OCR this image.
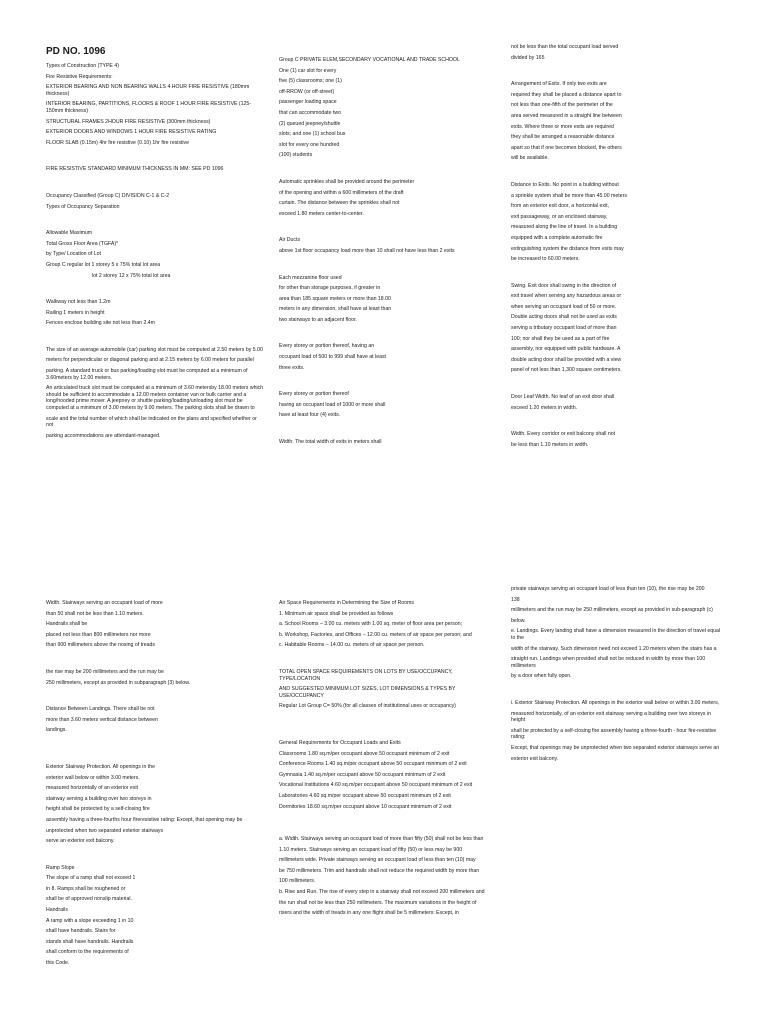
PD NO. 1096

Types of Construction (TYPE 4)

Fire Resistive Requirements:

EXTERIOR BEARING AND NON BEARING WALLS 4 HOUR FIRE RESISTIVE (180mm thickness)

INTERIOR BEARING, PARTITIONS, FLOORS & ROOF 1 HOUR FIRE RESISTIVE (125-150mm thickness)

STRUCTURAL FRAMES 2HOUR FIRE RESISTIVE (300mm thickness)

EXTERIOR DOORS AND WINDOWS 1 HOUR FIRE RESISTIVE RATING

FLOOR SLAB (0.15m) 4hr fire resistive (0.10) 1hr fire resistive

FIRE RESISTIVE STANDARD MINIMUM THICKNESS IN MM: SEE PD 1096

Occupancy Classified (Group C) DIVISION C-1 & C-2

Types of Occupancy Separation

Allowable Maximum

Total Gross Floor Area (TGFA)*

by Type/ Location of Lot

Group C regular lot 1 storey 5 x 75% total lot area

lot 2 storey 12 x 75% total lot area

Walkway not less than 1.2m

Railing 1 meters in height

Fences enclose building site not less than 2.4m

The size of an average automobile (car) parking slot must be computed at 2.50 meters by 5.00

meters for perpendicular or diagonal parking and at 2.15 meters by 6.00 meters for parallel

parking. A standard truck or bus parking/loading slot must be computed at a minimum of 3.60meters by 12.00 meters.

An articulated truck slot must be computed at a minimum of 3.60 metersby 18.00 meters which should be sufficient to accommodate a 12.00 meters container van or bulk carrier and a long/hooded prime mover. A jeepney or shuttle parking/loading/unloading slot must be computed at a minimum of 3.00 meters by 9.00 meters. The parking slots shall be drawn to

scale and the total number of which shall be indicated on the plans and specified whether or not

parking accommodations are attendant-managed.

Group C PRIVATE ELEM,SECONDARY VOCATIONAL AND TRADE SCHOOL

One (1) car slot for every

five (5) classrooms; one (1)

off-RROW (or off-street)

passenger loading space

that can accommodate two

(2) queued jeepney/shuttle

slots; and one (1) school bus

slot for every one hundred

(100) students

Automatic sprinkles shall be provided around the perimeter

of the opening and within a 600 millimeters of the draft

curtain. The distance between the sprinkles shall not

exceed 1.80 meters center-to-center.

Air Ducts

above 1st floor occupancy load more than 10 shall not have less than 2 exits

Each mezzanine floor used

for other than storage purposes, if greater in

area than 185 square meters or more than 18.00

meters in any dimension, shall have at least than

two stairways to an adjacent floor.

Every storey or portion thereof, having an

occupant load of 500 to 999 shall have at least

three exits.

Every storey or portion thereof

having an occupant load of 1000 or more shall

have at least four (4) exits.

Width. The total width of exits in meters shall

not be less than the total occupant load served

divided by 165

Arrangement of Exits. If only two exits are

required they shall be placed a distance apart to

not less than one-fifth of the perimeter of the

area served measured in a straight line between

exits. Where three or more exits are required

they shall be arranged a reasonable distance

apart so that if one becomes blocked, the others

will be available.

Distance to Exits. No point in a building without

a sprinkle system shall be more than 45.00 meters

from an exterior exit door, a horizontal exit,

exit passageway, or an enclosed stairway,

measured along the line of travel. In a building

equipped with a complete automatic fire

extinguishing system the distance from exits may

be increased to 60.00 meters.

Swing. Exit door shall swing in the direction of

exit travel when serving any hazardous areas or

when serving an occupant load of 50 or more.

Double acting doors shall not be used as exits

serving a tributary occupant load of more than

100; nor shall they be used as a part of fire

assembly, nor equipped with public hardware. A

double acting door shall be provided with a view

panel of not less than 1,300 square centimeters.

Door Leaf Width. No leaf of an exit door shall

exceed 1.20 meters in width.

Width. Every corridor or exit balcony shall not

be less than 1.10 meters in width.

Width. Stairways serving an occupant load of more

than 50 shall not be less than 1.10 meters.

Handrails shall be

placed not less than 800 millimeters nor more

than 900 millimeters above the nosing of treads

the rise may be 200 millimeters and the run may be

250 millimeters, except as provided in subparagraph (3) below.

Distance Between Landings. There shall be not

more than 3.60 meters vertical distance between

landings.

Exterior Stairway Protection. All openings in the

exterior wall below or within 3.00 meters,

measured horizontally of an exterior exit

stairway serving a building over two storeys in

height shall be protected by a self-closing fire

assembly having a three-fourths hour fireresistive rating: Except, that opening may be

unprotected when two separated exterior stairways

serve an exterior exit balcony.

Ramp Slope

The slope of a ramp shall not exceed 1

in 8. Ramps shall be roughened or

shall be of approved nonslip material.

Handrails

A ramp with a slope exceeding 1 in 10

shall have handrails. Stairs for

stands shall have handrails. Handrails

shall conform to the requirements of

this Code.

Air Space Requirements in Determining the Size of Rooms

1. Minimum air space shall be provided as follows

a. School Rooms – 3.00 cu. meters with 1.00 sq. meter of floor area per person;

b. Workshop, Factories, and Offices – 12.00 cu. meters of air space per person; and

c. Habitable Rooms – 14.00 cu. meters of air space per person.

TOTAL OPEN SPACE REQUIREMENTS ON LOTS BY USE/OCCUPANCY, TYPE/LOCATION

AND SUGGESTED MINIMUM LOT SIZES, LOT DIMENSIONS & TYPES BY USE/OCCUPANCY

Regular Lot Group C= 50% (for all classes of institutional uses or occupancy)

General Requirements for Occupant Loads and Exits

Classrooms 1.80 sq.m/per occupant above 50 occupant minimum of 2 exit

Conference Rooms 1.40 sq.m/per occupant above 50 occupant minimum of 2 exit

Gymnasia 1.40 sq.m/per occupant above 50 occupant minimum of 2 exit

Vocational Institutions 4.60 sq.m/per occupant above 50 occupant minimum of 2 exit

Laboratories 4.60 sq.m/per occupant above 50 occupant minimum of 2 exit

Dormitories 18.60 sq.m/per occupant above 10 occupant minimum of 2 exit

a. Width. Stairways serving an occupant load of more than fifty (50) shall not be less than

1.10 meters. Stairways serving an occupant load of fifty (50) or less may be 900

millimeters wide. Private stairways serving an occupant load of less than ten (10) may

be 750 millimeters. Trim and handrails shall not reduce the required width by more than

100 millimeters.

b. Rise and Run. The rise of every step in a stairway shall not exceed 200 millimeters and

the run shall not be less than 250 millimeters. The maximum variations in the height of

risers and the width of treads in any one flight shall be 5 millimeters: Except, in

private stairways serving an occupant load of less than ten (10), the rise may be 200

138

millimeters and the run may be 250 millimeters, except as provided in sub-paragraph (c)

below.

e. Landings. Every landing shall have a dimension measured in the direction of travel equal to the

width of the stairway. Such dimension need not exceed 1.20 meters when the stairs has a

straight run. Landings when provided shall not be reduced in width by more than 100 millimeters

by a door when fully open.

i. Exterior Stairway Protection. All openings in the exterior wall below or within 3.00 meters,

measured horizontally, of an exterior exit stairway serving a building over two storeys in height

shall be protected by a self-closing fire assembly having a three-fourth - hour fire-resistive rating:

Except, that openings may be unprotected when two separated exterior stairways serve an

exterior exit balcony.
